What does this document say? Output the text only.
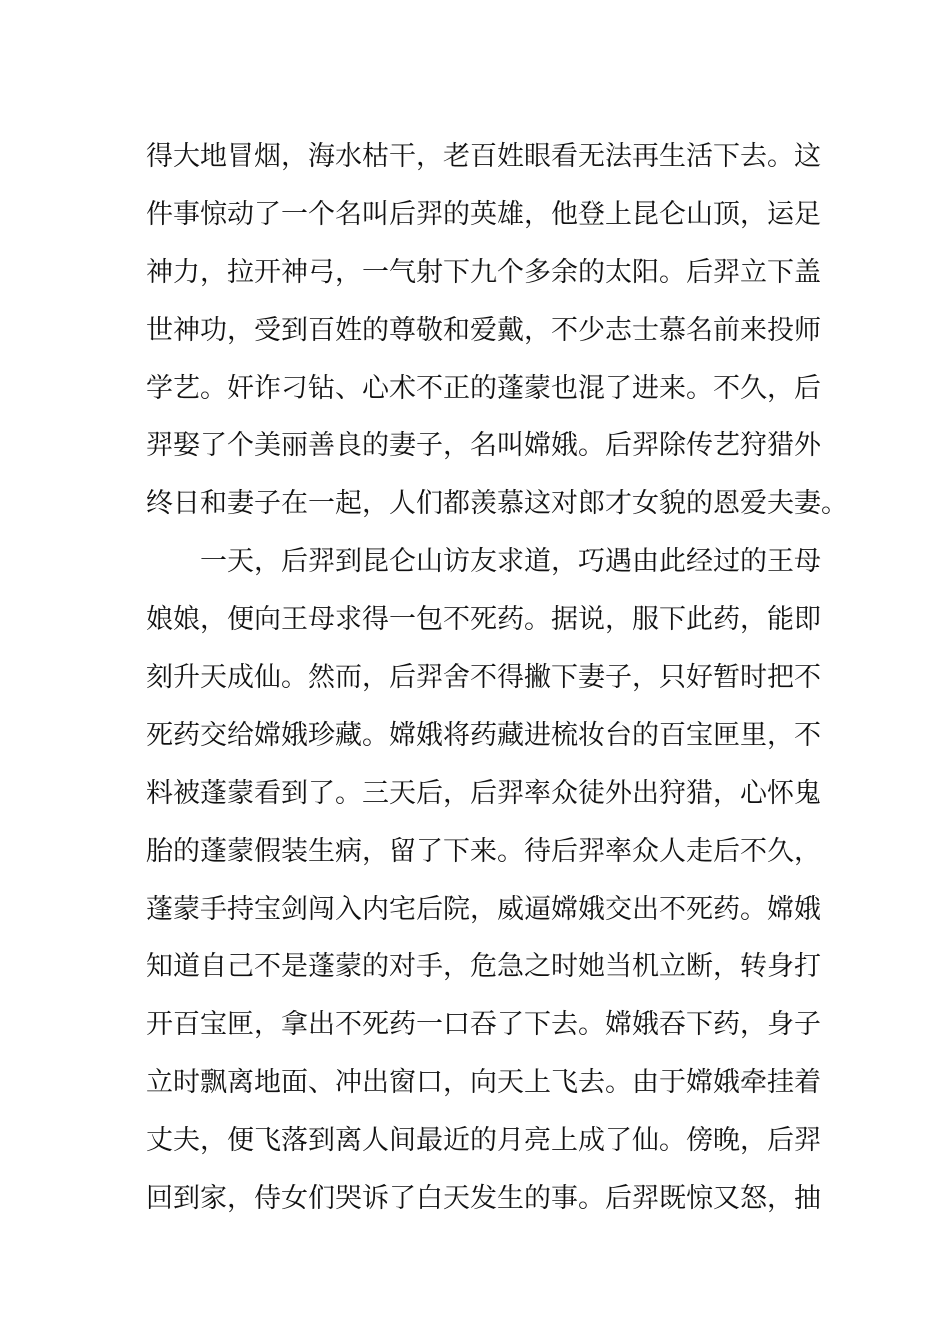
得大地冒烟，海水枯干，老百姓眼看无法再生活下去。这
件事惊动了一个名叫后羿的英雄，他登上昆仑山顶，运足
神力，拉开神弓，一气射下九个多余的太阳。后羿立下盖
世神功，受到百姓的尊敬和爱戴，不少志士慕名前来投师
学艺。奸诈刁钻、心术不正的蓬蒙也混了进来。不久，后
羿娶了个美丽善良的妻子，名叫嫦娥。后羿除传艺狩猎外
终日和妻子在一起，人们都羡慕这对郎才女貌的恩爱夫妻。
一天，后羿到昆仑山访友求道，巧遇由此经过的王母
娘娘，便向王母求得一包不死药。据说，服下此药，能即
刻升天成仙。然而，后羿舍不得撇下妻子，只好暂时把不
死药交给嫦娥珍藏。嫦娥将药藏进梳妆台的百宝匣里，不
料被蓬蒙看到了。三天后，后羿率众徒外出狩猎，心怀鬼
胎的蓬蒙假装生病，留了下来。待后羿率众人走后不久，
蓬蒙手持宝剑闯入内宅后院，威逼嫦娥交出不死药。嫦娥
知道自己不是蓬蒙的对手，危急之时她当机立断，转身打
开百宝匣，拿出不死药一口吞了下去。嫦娥吞下药，身子
立时飘离地面、冲出窗口，向天上飞去。由于嫦娥牵挂着
丈夫，便飞落到离人间最近的月亮上成了仙。傍晚，后羿
回到家，侍女们哭诉了白天发生的事。后羿既惊又怒，抽
